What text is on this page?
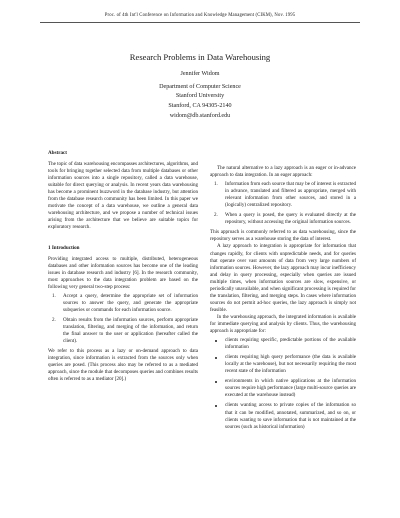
Proc. of 4th Int'l Conference on Information and Knowledge Management (CIKM), Nov. 1995
Research Problems in Data Warehousing
Jennifer Widom
Department of Computer Science
Stanford University
Stanford, CA 94305-2140
widom@db.stanford.edu

Abstract

The topic of data warehousing encompasses architectures, algorithms, and tools for bringing together selected data from multiple databases or other information sources into a single repository, called a data warehouse, suitable for direct querying or analysis. In recent years data warehousing has become a prominent buzzword in the database industry, but attention from the database research community has been limited. In this paper we motivate the concept of a data warehouse, we outline a general data warehousing architecture, and we propose a number of technical issues arising from the architecture that we believe are suitable topics for exploratory research.

1 Introduction

Providing integrated access to multiple, distributed, heterogeneous databases and other information sources has become one of the leading issues in database research and industry [6]. In the research community, most approaches to the data integration problem are based on the following very general two-step process:

1. Accept a query, determine the appropriate set of information sources to answer the query, and generate the appropriate subqueries or commands for each information source.
2. Obtain results from the information sources, perform appropriate translation, filtering, and merging of the information, and return the final answer to the user or application (hereafter called the client).

We refer to this process as a lazy or on-demand approach to data integration, since information is extracted from the sources only when queries are posed. (This process also may be referred to as a mediated approach, since the module that decomposes queries and combines results often is referred to as a mediator [20].)

The natural alternative to a lazy approach is an eager or in-advance approach to data integration. In an eager approach:

1. Information from each source that may be of interest is extracted in advance, translated and filtered as appropriate, merged with relevant information from other sources, and stored in a (logically) centralized repository.
2. When a query is posed, the query is evaluated directly at the repository, without accessing the original information sources.

This approach is commonly referred to as data warehousing, since the repository serves as a warehouse storing the data of interest.

A lazy approach to integration is appropriate for information that changes rapidly, for clients with unpredictable needs, and for queries that operate over vast amounts of data from very large numbers of information sources. However, the lazy approach may incur inefficiency and delay in query processing, especially when queries are issued multiple times, when information sources are slow, expensive, or periodically unavailable, and when significant processing is required for the translation, filtering, and merging steps. In cases where information sources do not permit ad-hoc queries, the lazy approach is simply not feasible.

In the warehousing approach, the integrated information is available for immediate querying and analysis by clients. Thus, the warehousing approach is appropriate for:

clients requiring specific, predictable portions of the available information
clients requiring high query performance (the data is available locally at the warehouse), but not necessarily requiring the most recent state of the information
environments in which native applications at the information sources require high performance (large multi-source queries are executed at the warehouse instead)
clients wanting access to private copies of the information so that it can be modified, annotated, summarized, and so on, or clients wanting to save information that is not maintained at the sources (such as historical information)
